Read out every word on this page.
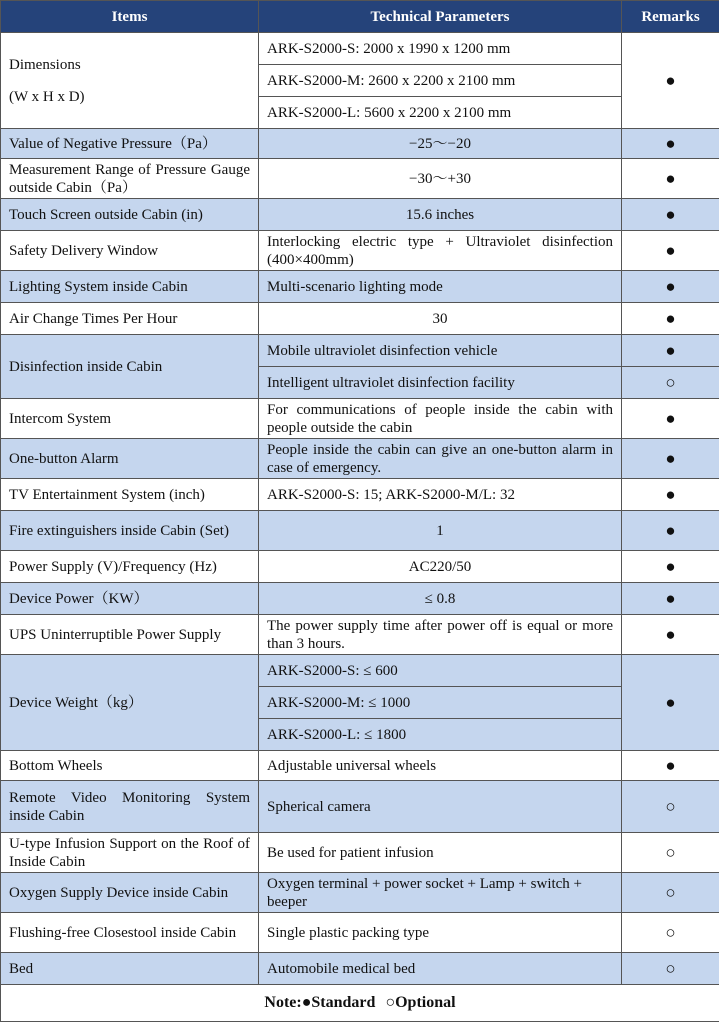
Items	Technical Parameters	Remarks

Dimensions
(W x H x D)	ARK-S2000-S: 2000 x 1990 x 1200 mm	●
	ARK-S2000-M: 2600 x 2200 x 2100 mm	
	ARK-S2000-L: 5600 x 2200 x 2100 mm	
Value of Negative Pressure（Pa）	−25～−20	●
Measurement Range of Pressure Gauge outside Cabin（Pa）	−30～+30	●
Touch Screen outside Cabin (in)	15.6 inches	●
Safety Delivery Window	Interlocking electric type + Ultraviolet disinfection (400×400mm)	●
Lighting System inside Cabin	Multi-scenario lighting mode	●
Air Change Times Per Hour	30	●
Disinfection inside Cabin	Mobile ultraviolet disinfection vehicle	●
	Intelligent ultraviolet disinfection facility	○
Intercom System	For communications of people inside the cabin with people outside the cabin	●
One-button Alarm	People inside the cabin can give an one-button alarm in case of emergency.	●
TV Entertainment System (inch)	ARK-S2000-S: 15; ARK-S2000-M/L: 32	●
Fire extinguishers inside Cabin (Set)	1	●
Power Supply (V)/Frequency (Hz)	AC220/50	●
Device Power（KW）	≤ 0.8	●
UPS Uninterruptible Power Supply	The power supply time after power off is equal or more than 3 hours.	●
Device Weight（kg）	ARK-S2000-S: ≤ 600	●
	ARK-S2000-M: ≤ 1000	
	ARK-S2000-L: ≤ 1800	
Bottom Wheels	Adjustable universal wheels	●
Remote Video Monitoring System inside Cabin	Spherical camera	○
U-type Infusion Support on the Roof of Inside Cabin	Be used for patient infusion	○
Oxygen Supply Device inside Cabin	Oxygen terminal + power socket + Lamp + switch + beeper	○
Flushing-free Closestool inside Cabin	Single plastic packing type	○
Bed	Automobile medical bed	○
Note:●Standard ○Optional		
